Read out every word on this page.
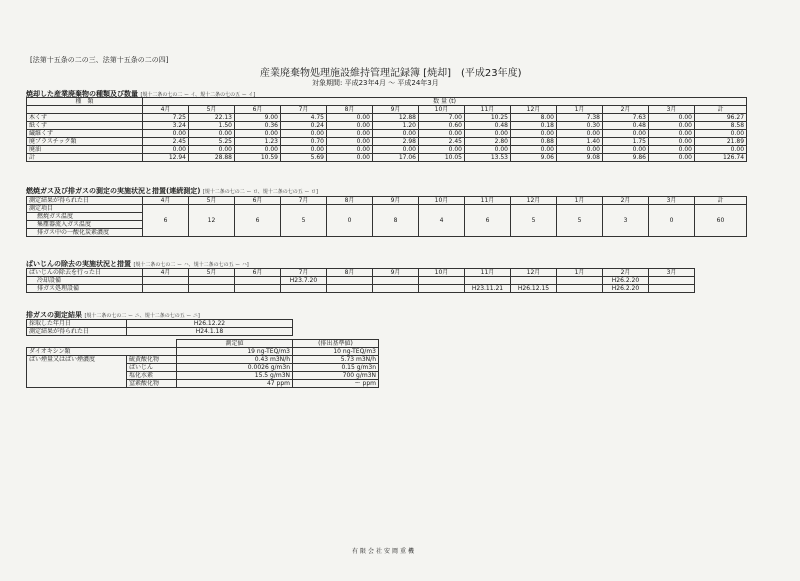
[法第十五条の二の三、法第十五条の二の四]
産業廃棄物処理施設維持管理記録簿 [焼却]　(平成23年度)
対象期間: 平成23年4月 ～ 平成24年3月
焼却した産業廃棄物の種類及び数量 [規十二条の七の二 ー イ、規十二条の七の五 ー イ]
種　類	数 量 (t)												
	4月	5月	6月	7月	8月	9月	10月	11月	12月	1月	2月	3月	計
木くず	7.25	22.13	9.00	4.75	0.00	12.88	7.00	10.25	8.00	7.38	7.63	0.00	96.27
紙くず	3.24	1.50	0.36	0.24	0.00	1.20	0.60	0.48	0.18	0.30	0.48	0.00	8.58
繊維くず	0.00	0.00	0.00	0.00	0.00	0.00	0.00	0.00	0.00	0.00	0.00	0.00	0.00
廃プラスチック類	2.45	5.25	1.23	0.70	0.00	2.98	2.45	2.80	0.88	1.40	1.75	0.00	21.89
廃油	0.00	0.00	0.00	0.00	0.00	0.00	0.00	0.00	0.00	0.00	0.00	0.00	0.00
計	12.94	28.88	10.59	5.69	0.00	17.06	10.05	13.53	9.06	9.08	9.86	0.00	126.74
燃焼ガス及び排ガスの測定の実施状況と措置(連続測定) [規十二条の七の二 ー ロ、規十二条の七の五 ー ロ]
測定結果が得られた日	4月	5月	6月	7月	8月	9月	10月	11月	12月	1月	2月	3月	計
測定項目	6	12	6	5	0	8	4	6	5	5	3	0	60
燃焼ガス温度													
集塵器流入ガス温度													
排ガス中の一酸化炭素濃度													
ばいじんの除去の実施状況と措置 [規十二条の七の二 ー ハ、規十二条の七の五 ー ハ]
ばいじんの除去を行った日	4月	5月	6月	7月	8月	9月	10月	11月	12月	1月	2月	3月
冷却設備				H23.7.20							H26.2.20	
排ガス処理設備								H23.11.21	H26.12.15		H26.2.20	
排ガスの測定結果 [規十二条の七の二 ー ニ、規十二条の七の五 ー ニ]
採取した年月日	H26.12.22
測定結果が得られた日	H24.1.18
		測定値	(排出基準値)
ダイオキシン類		19 ng-TEQ/m3	10 ng-TEQ/m3
ばい煙量又はばい煙濃度	硫黄酸化物	0.43 m3N/h	5.73 m3N/h
	ばいじん	0.0026 g/m3n	0.15 g/m3n
	塩化水素	15.5 g/m3N	700 g/m3N
	窒素酸化物	47 ppm	ー ppm
有限会社安岡重機
